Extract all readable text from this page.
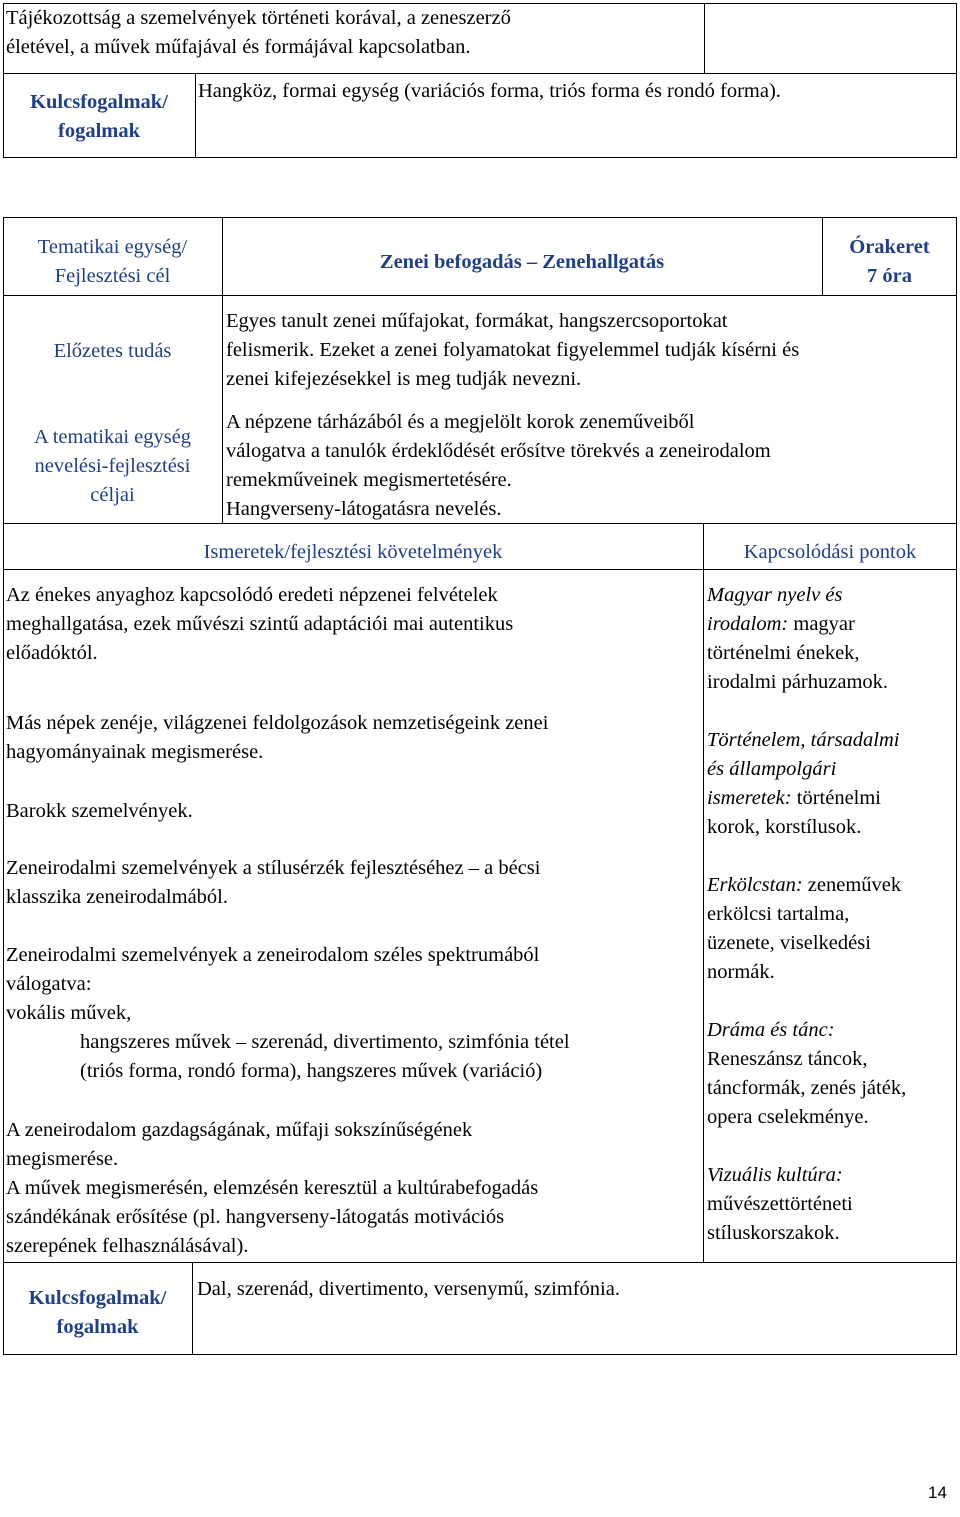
Tájékozottság a szemelvények történeti korával, a zeneszerző
életével, a művek műfajával és formájával kapcsolatban.
Kulcsfogalmak/
fogalmak
Hangköz, formai egység (variációs forma, triós forma és rondó forma).
Tematikai egység/
Fejlesztési cél
Zenei befogadás – Zenehallgatás
Órakeret
7 óra
Előzetes tudás
Egyes tanult zenei műfajokat, formákat, hangszercsoportokat
felismerik. Ezeket a zenei folyamatokat figyelemmel tudják kísérni és
zenei kifejezésekkel is meg tudják nevezni.
A tematikai egység
nevelési-fejlesztési
céljai
A népzene tárházából és a megjelölt korok zeneműveiből
válogatva a tanulók érdeklődését erősítve törekvés a zeneirodalom
remekműveinek megismertetésére.
Hangverseny-látogatásra nevelés.
Ismeretek/fejlesztési követelmények	Kapcsolódási pontok
Az énekes anyaghoz kapcsolódó eredeti népzenei felvételek
meghallgatása, ezek művészi szintű adaptációi mai autentikus
előadóktól.
Más népek zenéje, világzenei feldolgozások nemzetiségeink zenei
hagyományainak megismerése.
Barokk szemelvények.
Zeneirodalmi szemelvények a stílusérzék fejlesztéséhez – a bécsi
klasszika zeneirodalmából.
Zeneirodalmi szemelvények a zeneirodalom széles spektrumából
válogatva:
vokális művek,
hangszeres művek – szerenád, divertimento, szimfónia tétel
(triós forma, rondó forma), hangszeres művek (variáció)
A zeneirodalom gazdagságának, műfaji sokszínűségének
megismerése.
A művek megismerésén, elemzésén keresztül a kultúrabefogadás
szándékának erősítése (pl. hangverseny-látogatás motivációs
szerepének felhasználásával).
Magyar nyelv és
irodalom: magyar
történelmi énekek,
irodalmi párhuzamok.
Történelem, társadalmi
és állampolgári
ismeretek: történelmi
korok, korstílusok.
Erkölcstan: zeneművek
erkölcsi tartalma,
üzenete, viselkedési
normák.
Dráma és tánc:
Reneszánsz táncok,
táncformák, zenés játék,
opera cselekménye.
Vizuális kultúra:
művészettörténeti
stíluskorszakok.
Kulcsfogalmak/
fogalmak
Dal, szerenád, divertimento, versenymű, szimfónia.
14
